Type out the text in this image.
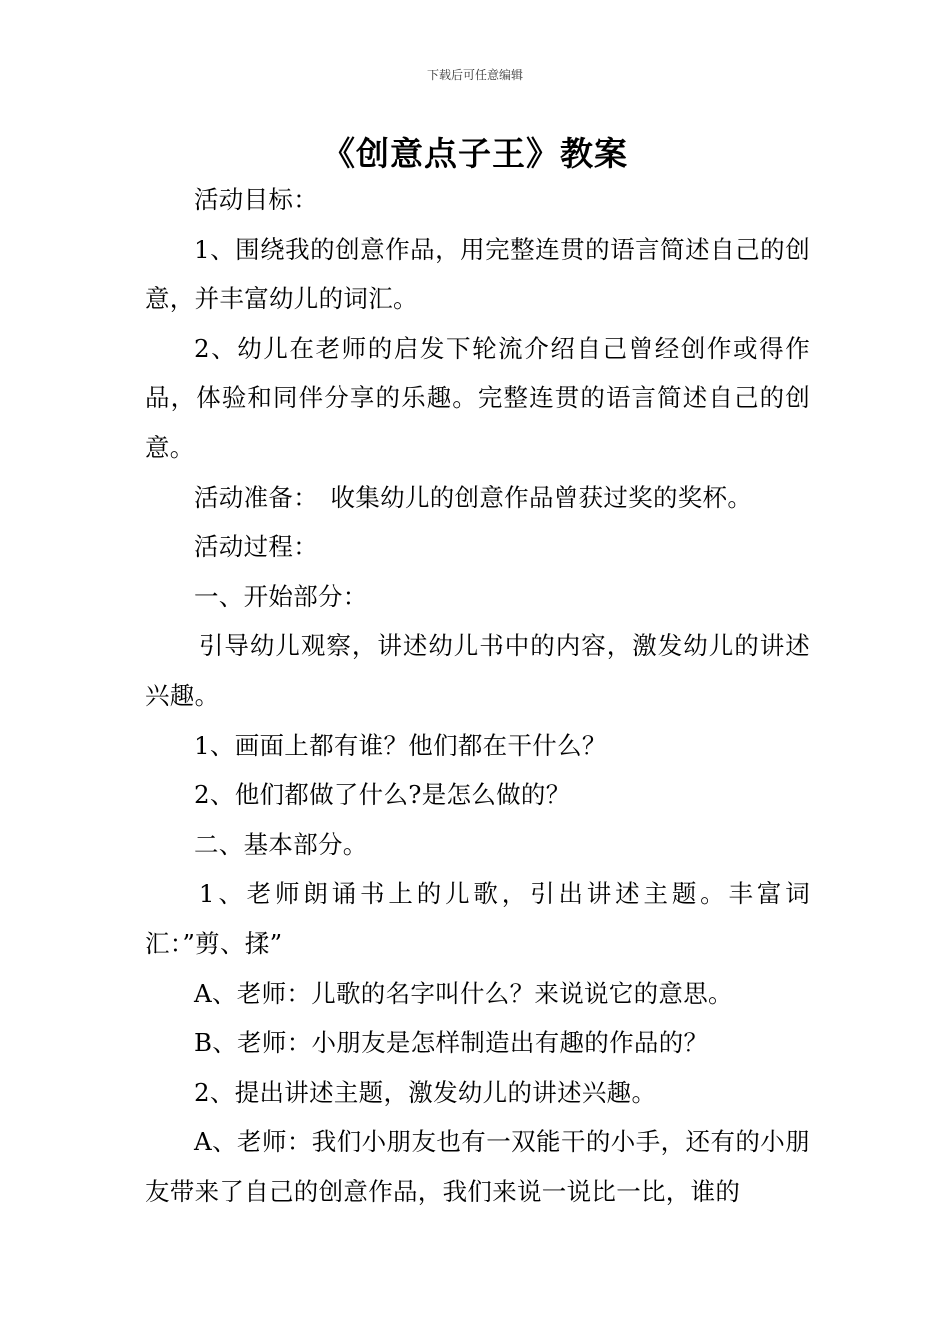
下载后可任意编辑
《创意点子王》教案

活动目标：

1、围绕我的创意作品，用完整连贯的语言简述自己的创意，并丰富幼儿的词汇。

2、幼儿在老师的启发下轮流介绍自己曾经创作或得作品，体验和同伴分享的乐趣。完整连贯的语言简述自己的创意。

活动准备：　收集幼儿的创意作品曾获过奖的奖杯。

活动过程：

一、开始部分：

引导幼儿观察，讲述幼儿书中的内容，激发幼儿的讲述兴趣。

1、画面上都有谁？他们都在干什么？

2、他们都做了什么?是怎么做的？

二、基本部分。

1、老师朗诵书上的儿歌，引出讲述主题。丰富词汇：”剪、揉”

A、老师：儿歌的名字叫什么？来说说它的意思。

B、老师：小朋友是怎样制造出有趣的作品的？

2、提出讲述主题，激发幼儿的讲述兴趣。

A、老师：我们小朋友也有一双能干的小手，还有的小朋友带来了自己的创意作品，我们来说一说比一比，谁的
